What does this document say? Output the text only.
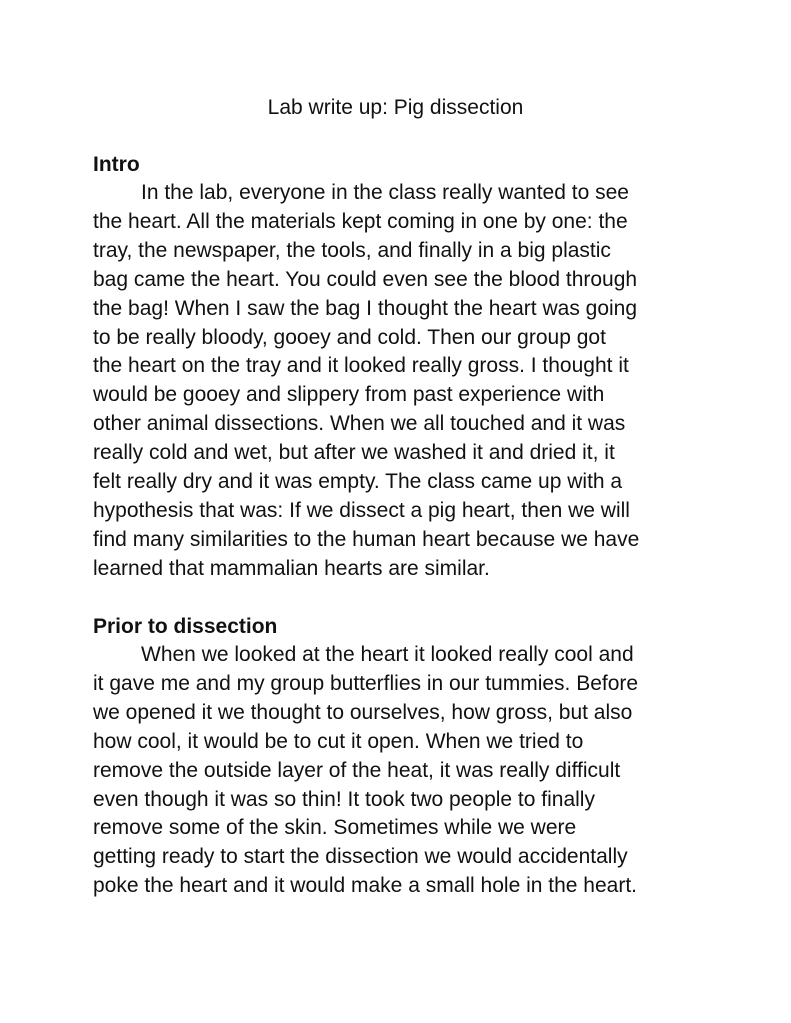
Lab write up: Pig dissection
Intro

In the lab, everyone in the class really wanted to see
the heart. All the materials kept coming in one by one: the
tray, the newspaper, the tools, and finally in a big plastic
bag came the heart. You could even see the blood through
the bag! When I saw the bag I thought the heart was going
to be really bloody, gooey and cold. Then our group got
the heart on the tray and it looked really gross. I thought it
would be gooey and slippery from past experience with
other animal dissections. When we all touched and it was
really cold and wet, but after we washed it and dried it, it
felt really dry and it was empty. The class came up with a
hypothesis that was: If we dissect a pig heart, then we will
find many similarities to the human heart because we have
learned that mammalian hearts are similar.

Prior to dissection

When we looked at the heart it looked really cool and
it gave me and my group butterflies in our tummies. Before
we opened it we thought to ourselves, how gross, but also
how cool, it would be to cut it open. When we tried to
remove the outside layer of the heat, it was really difficult
even though it was so thin! It took two people to finally
remove some of the skin. Sometimes while we were
getting ready to start the dissection we would accidentally
poke the heart and it would make a small hole in the heart.
